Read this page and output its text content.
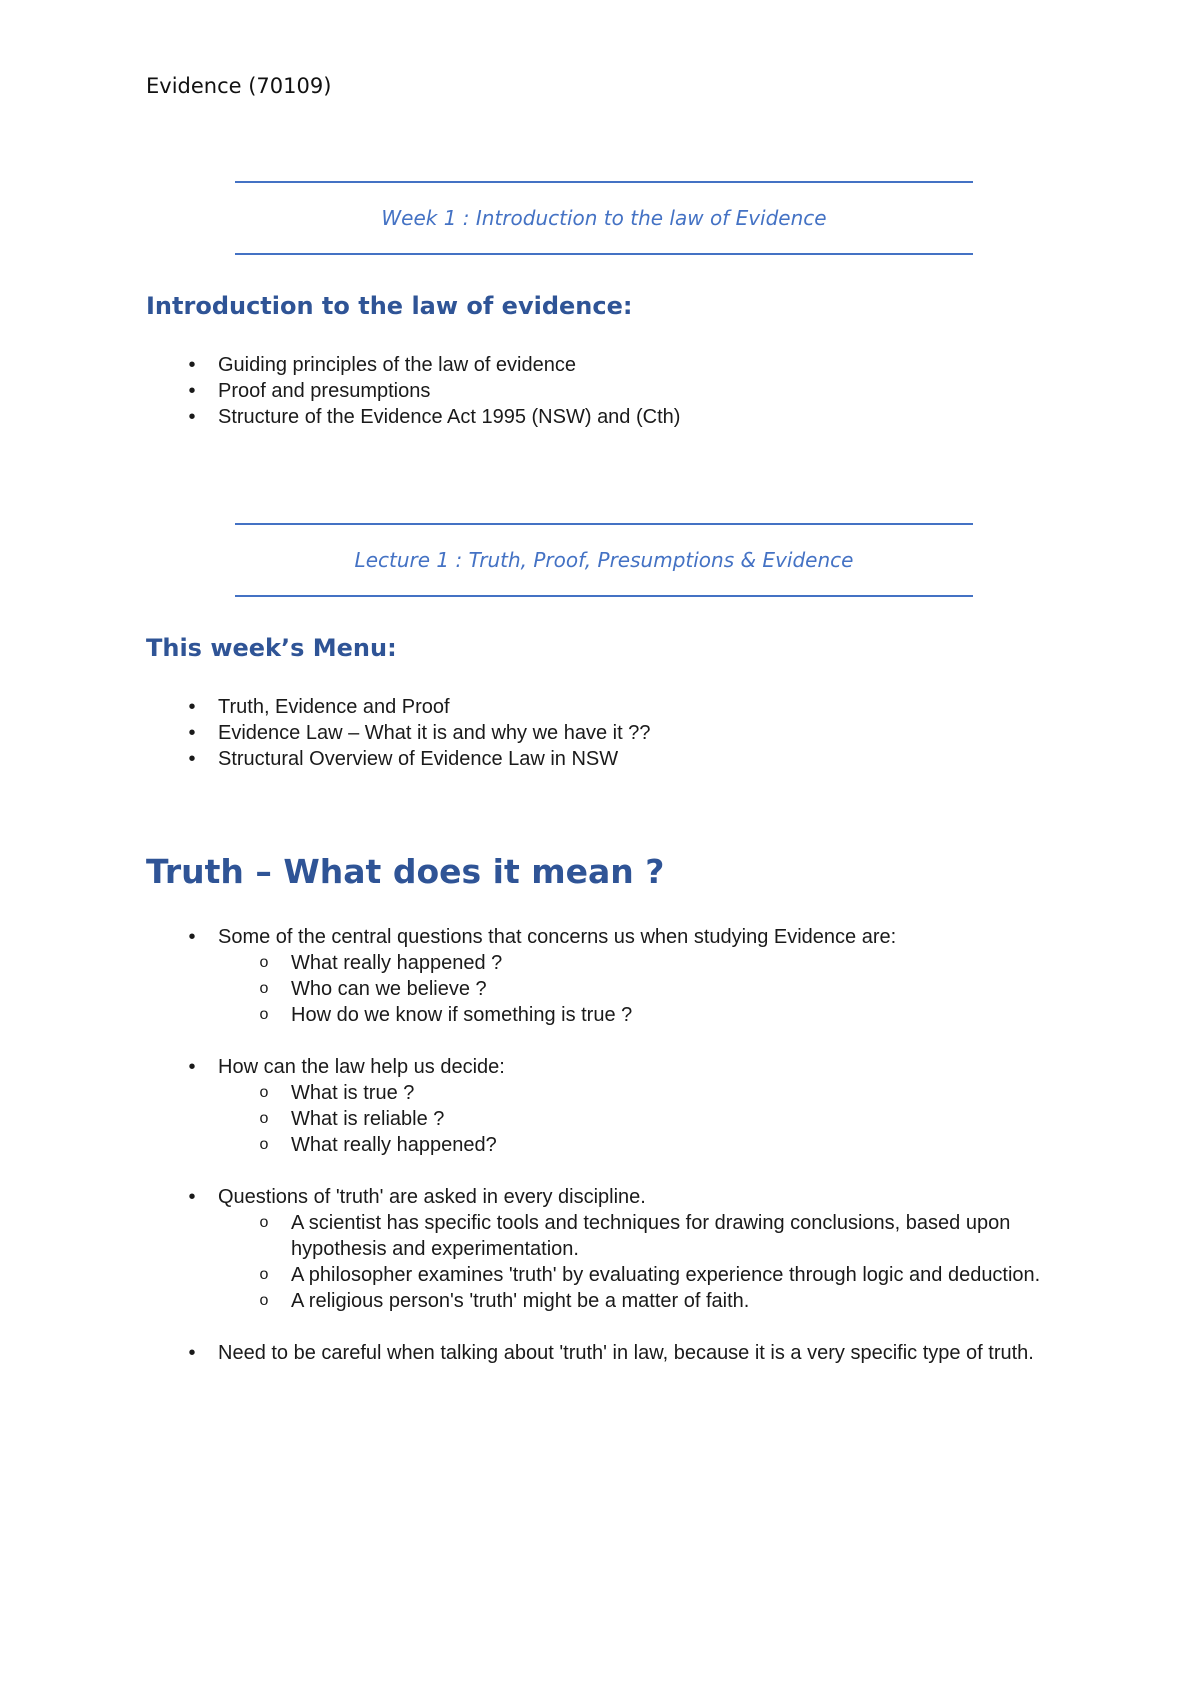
Evidence (70109)
Week 1 : Introduction to the law of Evidence
Introduction to the law of evidence:
•	Guiding principles of the law of evidence
•	Proof and presumptions
•	Structure of the Evidence Act 1995 (NSW) and (Cth)
Lecture 1 : Truth, Proof, Presumptions & Evidence
This week’s Menu:
•	Truth, Evidence and Proof
•	Evidence Law – What it is and why we have it ??
•	Structural Overview of Evidence Law in NSW
Truth – What does it mean ?
•	Some of the central questions that concerns us when studying Evidence are:
o What really happened ?
o Who can we believe ?
o How do we know if something is true ?
•	How can the law help us decide:
o What is true ?
o What is reliable ?
o What really happened?
•	Questions of 'truth' are asked in every discipline.
o A scientist has specific tools and techniques for drawing conclusions, based upon hypothesis and experimentation.
o A philosopher examines 'truth' by evaluating experience through logic and deduction.
o A religious person's 'truth' might be a matter of faith.
•	Need to be careful when talking about 'truth' in law, because it is a very specific type of truth.
